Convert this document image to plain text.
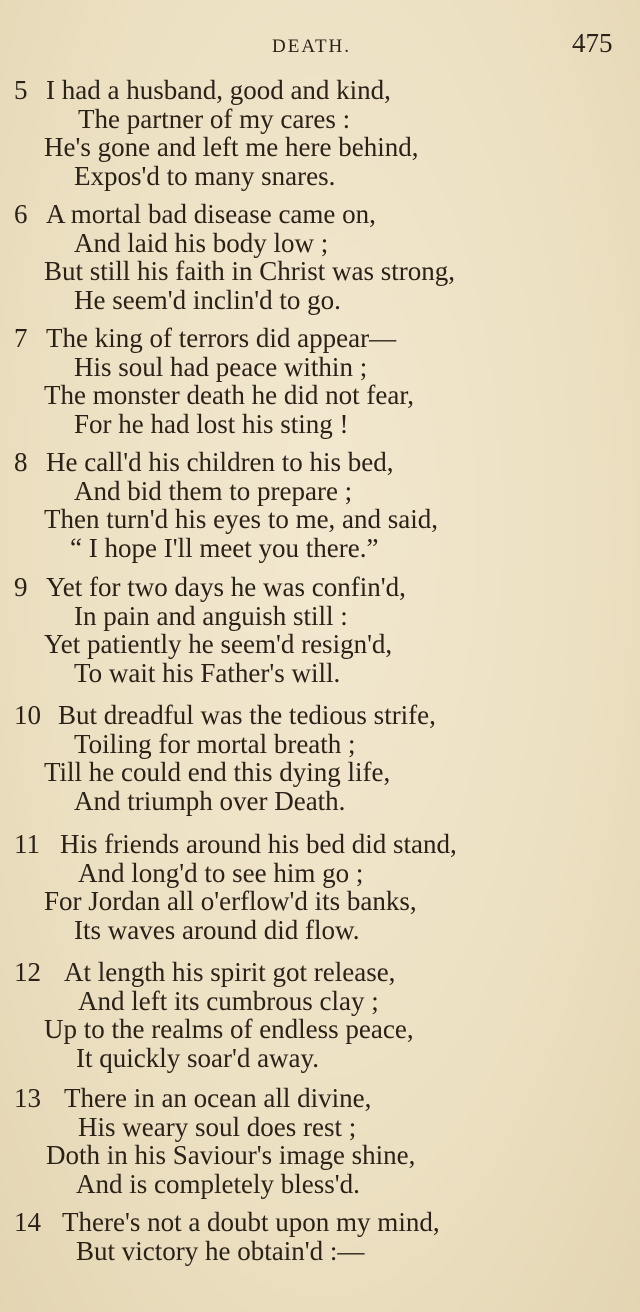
DEATH.	475
5 I had a husband, good and kind,
The partner of my cares :
He's gone and left me here behind,
Expos'd to many snares.
6 A mortal bad disease came on,
And laid his body low ;
But still his faith in Christ was strong,
He seem'd inclin'd to go.
7 The king of terrors did appear—
His soul had peace within ;
The monster death he did not fear,
For he had lost his sting !
8 He call'd his children to his bed,
And bid them to prepare ;
Then turn'd his eyes to me, and said,
“ I hope I'll meet you there.”
9 Yet for two days he was confin'd,
In pain and anguish still :
Yet patiently he seem'd resign'd,
To wait his Father's will.
10 But dreadful was the tedious strife,
Toiling for mortal breath ;
Till he could end this dying life,
And triumph over Death.
11 His friends around his bed did stand,
And long'd to see him go ;
For Jordan all o'erflow'd its banks,
Its waves around did flow.
12 At length his spirit got release,
And left its cumbrous clay ;
Up to the realms of endless peace,
It quickly soar'd away.
13 There in an ocean all divine,
His weary soul does rest ;
Doth in his Saviour's image shine,
And is completely bless'd.
14 There's not a doubt upon my mind,
But victory he obtain'd :—
